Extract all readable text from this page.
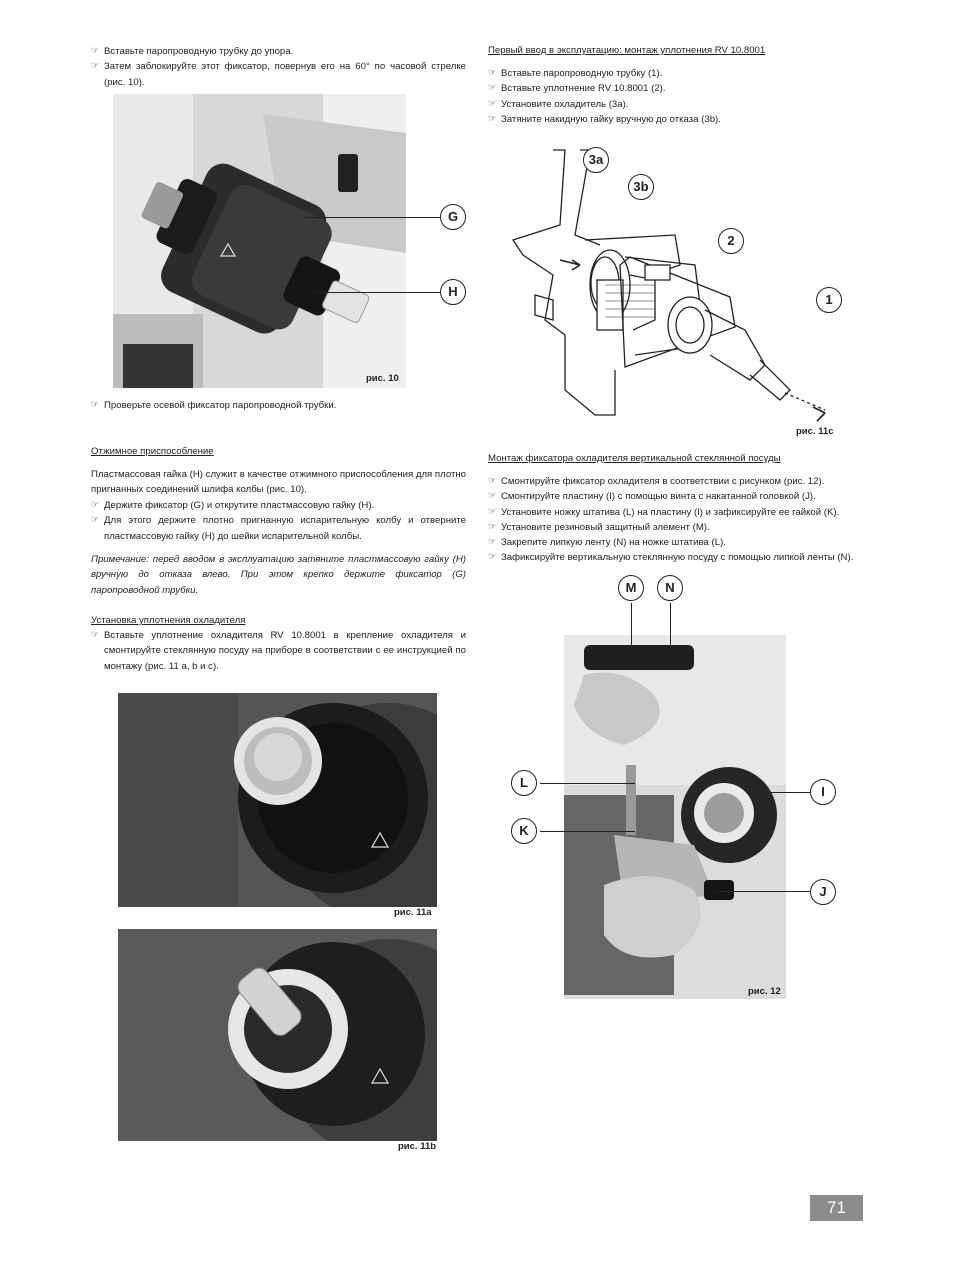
☞ Вставьте паропроводную трубку до упора.
☞ Затем заблокируйте этот фиксатор, повернув его на 60° по часовой стрелке (рис. 10).
рис. 10
G
H
☞ Проверьте осевой фиксатор паропроводной трубки.
Отжимное приспособление
Пластмассовая гайка (H) служит в качестве отжимного приспособления для плотно пригнанных соединений шлифа колбы (рис. 10).
☞ Держите фиксатор (G) и открутите пластмассовую гайку (H).
☞ Для этого держите плотно пригнанную испарительную колбу и отверните пластмассовую гайку (H) до шейки испарительной колбы.
Примечание: перед вводом в эксплуатацию затяните пластмассовую гайку (H) вручную до отказа влево. При этом крепко держите фиксатор (G) паропроводной трубки.
Установка уплотнения охладителя
☞ Вставьте уплотнение охладителя RV 10.8001 в крепление охладителя и смонтируйте стеклянную посуду на приборе в соответствии с ее инструкцией по монтажу (рис. 11 a, b и c).
рис. 11a
рис. 11b
Первый ввод в эксплуатацию: монтаж уплотнения RV 10.8001
☞ Вставьте паропроводную трубку (1).
☞ Вставьте уплотнение RV 10.8001 (2).
☞ Установите охладитель (3a).
☞ Затяните накидную гайку вручную до отказа (3b).
3a
3b
2
1
рис. 11c
Монтаж фиксатора охладителя вертикальной стеклянной посуды
☞ Смонтируйте фиксатор охладителя в соответствии с рисунком (рис. 12).
☞ Смонтируйте пластину (I) с помощью винта с накатанной головкой (J).
☞ Установите ножку штатива (L) на пластину (I) и зафиксируйте ее гайкой (K).
☞ Установите резиновый защитный элемент (M).
☞ Закрепите липкую ленту (N) на ножке штатива (L).
☞ Зафиксируйте вертикальную стеклянную посуду с помощью липкой ленты (N).
рис. 12
M	N
L
I
K
J
71
